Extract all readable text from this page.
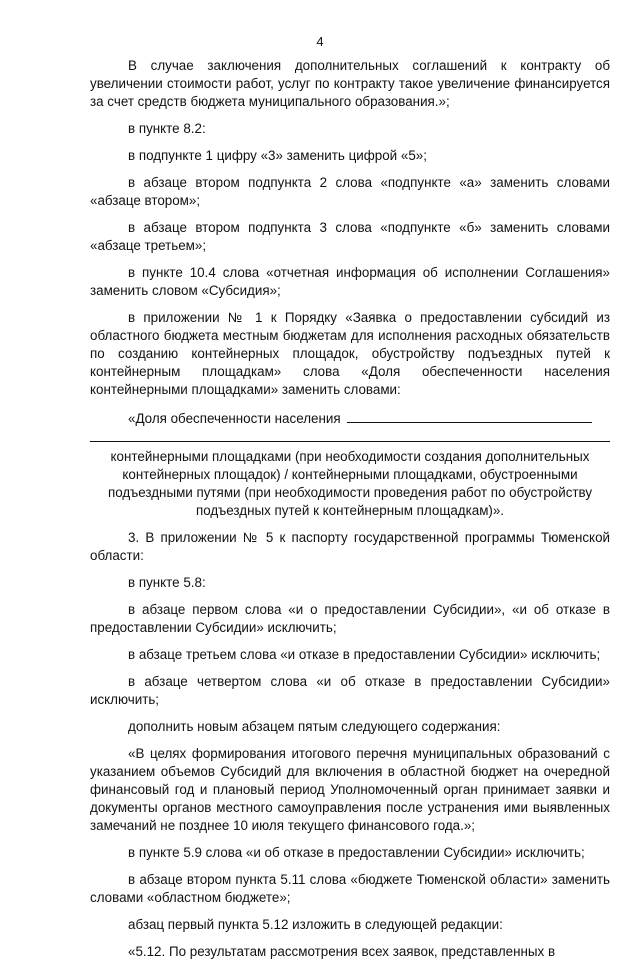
4

В случае заключения дополнительных соглашений к контракту об увеличении стоимости работ, услуг по контракту такое увеличение финансируется за счет средств бюджета муниципального образования.»;

в пункте 8.2:

в подпункте 1 цифру «3» заменить цифрой «5»;

в абзаце втором подпункта 2 слова «подпункте «а» заменить словами «абзаце втором»;

в абзаце втором подпункта 3 слова «подпункте «б» заменить словами «абзаце третьем»;

в пункте 10.4 слова «отчетная информация об исполнении Соглашения» заменить словом «Субсидия»;

в приложении № 1 к Порядку «Заявка о предоставлении субсидий из областного бюджета местным бюджетам для исполнения расходных обязательств по созданию контейнерных площадок, обустройству подъездных путей к контейнерным площадкам» слова «Доля обеспеченности населения контейнерными площадками» заменить словами:

«Доля обеспеченности населения

контейнерными площадками (при необходимости создания дополнительных контейнерных площадок) / контейнерными площадками, обустроенными подъездными путями (при необходимости проведения работ по обустройству подъездных путей к контейнерным площадкам)».

3. В приложении № 5 к паспорту государственной программы Тюменской области:

в пункте 5.8:

в абзаце первом слова «и о предоставлении Субсидии», «и об отказе в предоставлении Субсидии» исключить;

в абзаце третьем слова «и отказе в предоставлении Субсидии» исключить;

в абзаце четвертом слова «и об отказе в предоставлении Субсидии» исключить;

дополнить новым абзацем пятым следующего содержания:

«В целях формирования итогового перечня муниципальных образований с указанием объемов Субсидий для включения в областной бюджет на очередной финансовый год и плановый период Уполномоченный орган принимает заявки и документы органов местного самоуправления после устранения ими выявленных замечаний не позднее 10 июля текущего финансового года.»;

в пункте 5.9 слова «и об отказе в предоставлении Субсидии» исключить;

в абзаце втором пункта 5.11 слова «бюджете Тюменской области» заменить словами «областном бюджете»;

абзац первый пункта 5.12 изложить в следующей редакции:

«5.12. По результатам рассмотрения всех заявок, представленных в
